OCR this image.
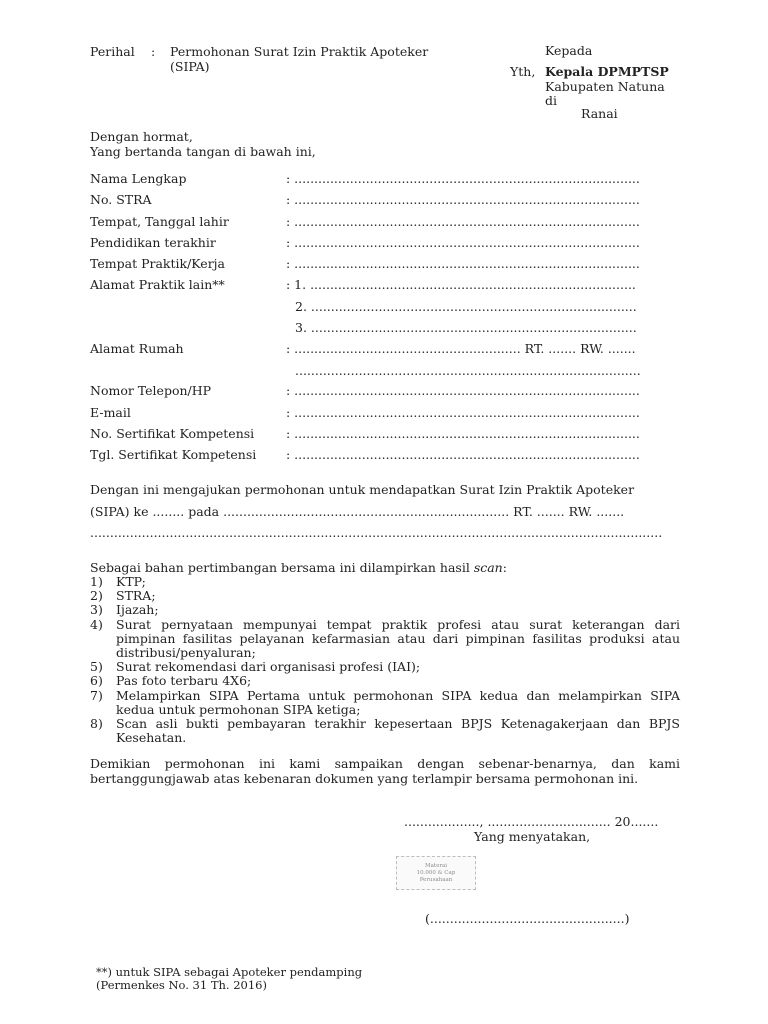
Perihal : Permohonan Surat Izin Praktik Apoteker
(SIPA)
Kepada
Yth, Kepala DPMPTSP
Kabupaten Natuna
di
Ranai
Dengan hormat,
Yang bertanda tangan di bawah ini,
Nama Lengkap	: .......................................................................................
No. STRA	: .......................................................................................
Tempat, Tanggal lahir	: .......................................................................................
Pendidikan terakhir	: .......................................................................................
Tempat Praktik/Kerja	: .......................................................................................
Alamat Praktik lain**	: 1. ..................................................................................
2. ..................................................................................
3. ..................................................................................
Alamat Rumah	: ......................................................... RT. ....... RW. .......
.......................................................................................
Nomor Telepon/HP	: .......................................................................................
E-mail	: .......................................................................................
No. Sertifikat Kompetensi	: .......................................................................................
Tgl. Sertifikat Kompetensi : .......................................................................................
Dengan ini mengajukan permohonan untuk mendapatkan Surat Izin Praktik Apoteker
(SIPA) ke ........ pada ........................................................................ RT. ....... RW. .......
................................................................................................................................................
Sebagai bahan pertimbangan bersama ini dilampirkan hasil scan:
1) KTP;
2) STRA;
3) Ijazah;
4) Surat pernyataan mempunyai tempat praktik profesi atau surat keterangan dari pimpinan fasilitas pelayanan kefarmasian atau dari pimpinan fasilitas produksi atau distribusi/penyaluran;
5) Surat rekomendasi dari organisasi profesi (IAI);
6) Pas foto terbaru 4X6;
7) Melampirkan SIPA Pertama untuk permohonan SIPA kedua dan melampirkan SIPA kedua untuk permohonan SIPA ketiga;
8) Scan asli bukti pembayaran terakhir kepesertaan BPJS Ketenagakerjaan dan BPJS Kesehatan.
Demikian permohonan ini kami sampaikan dengan sebenar-benarnya, dan kami bertanggungjawab atas kebenaran dokumen yang terlampir bersama permohonan ini.
..................., ............................... 20.......
Yang menyatakan,
Materai
10.000 & Cap
Perusahaan
(.................................................)
**) untuk SIPA sebagai Apoteker pendamping
(Permenkes No. 31 Th. 2016)
